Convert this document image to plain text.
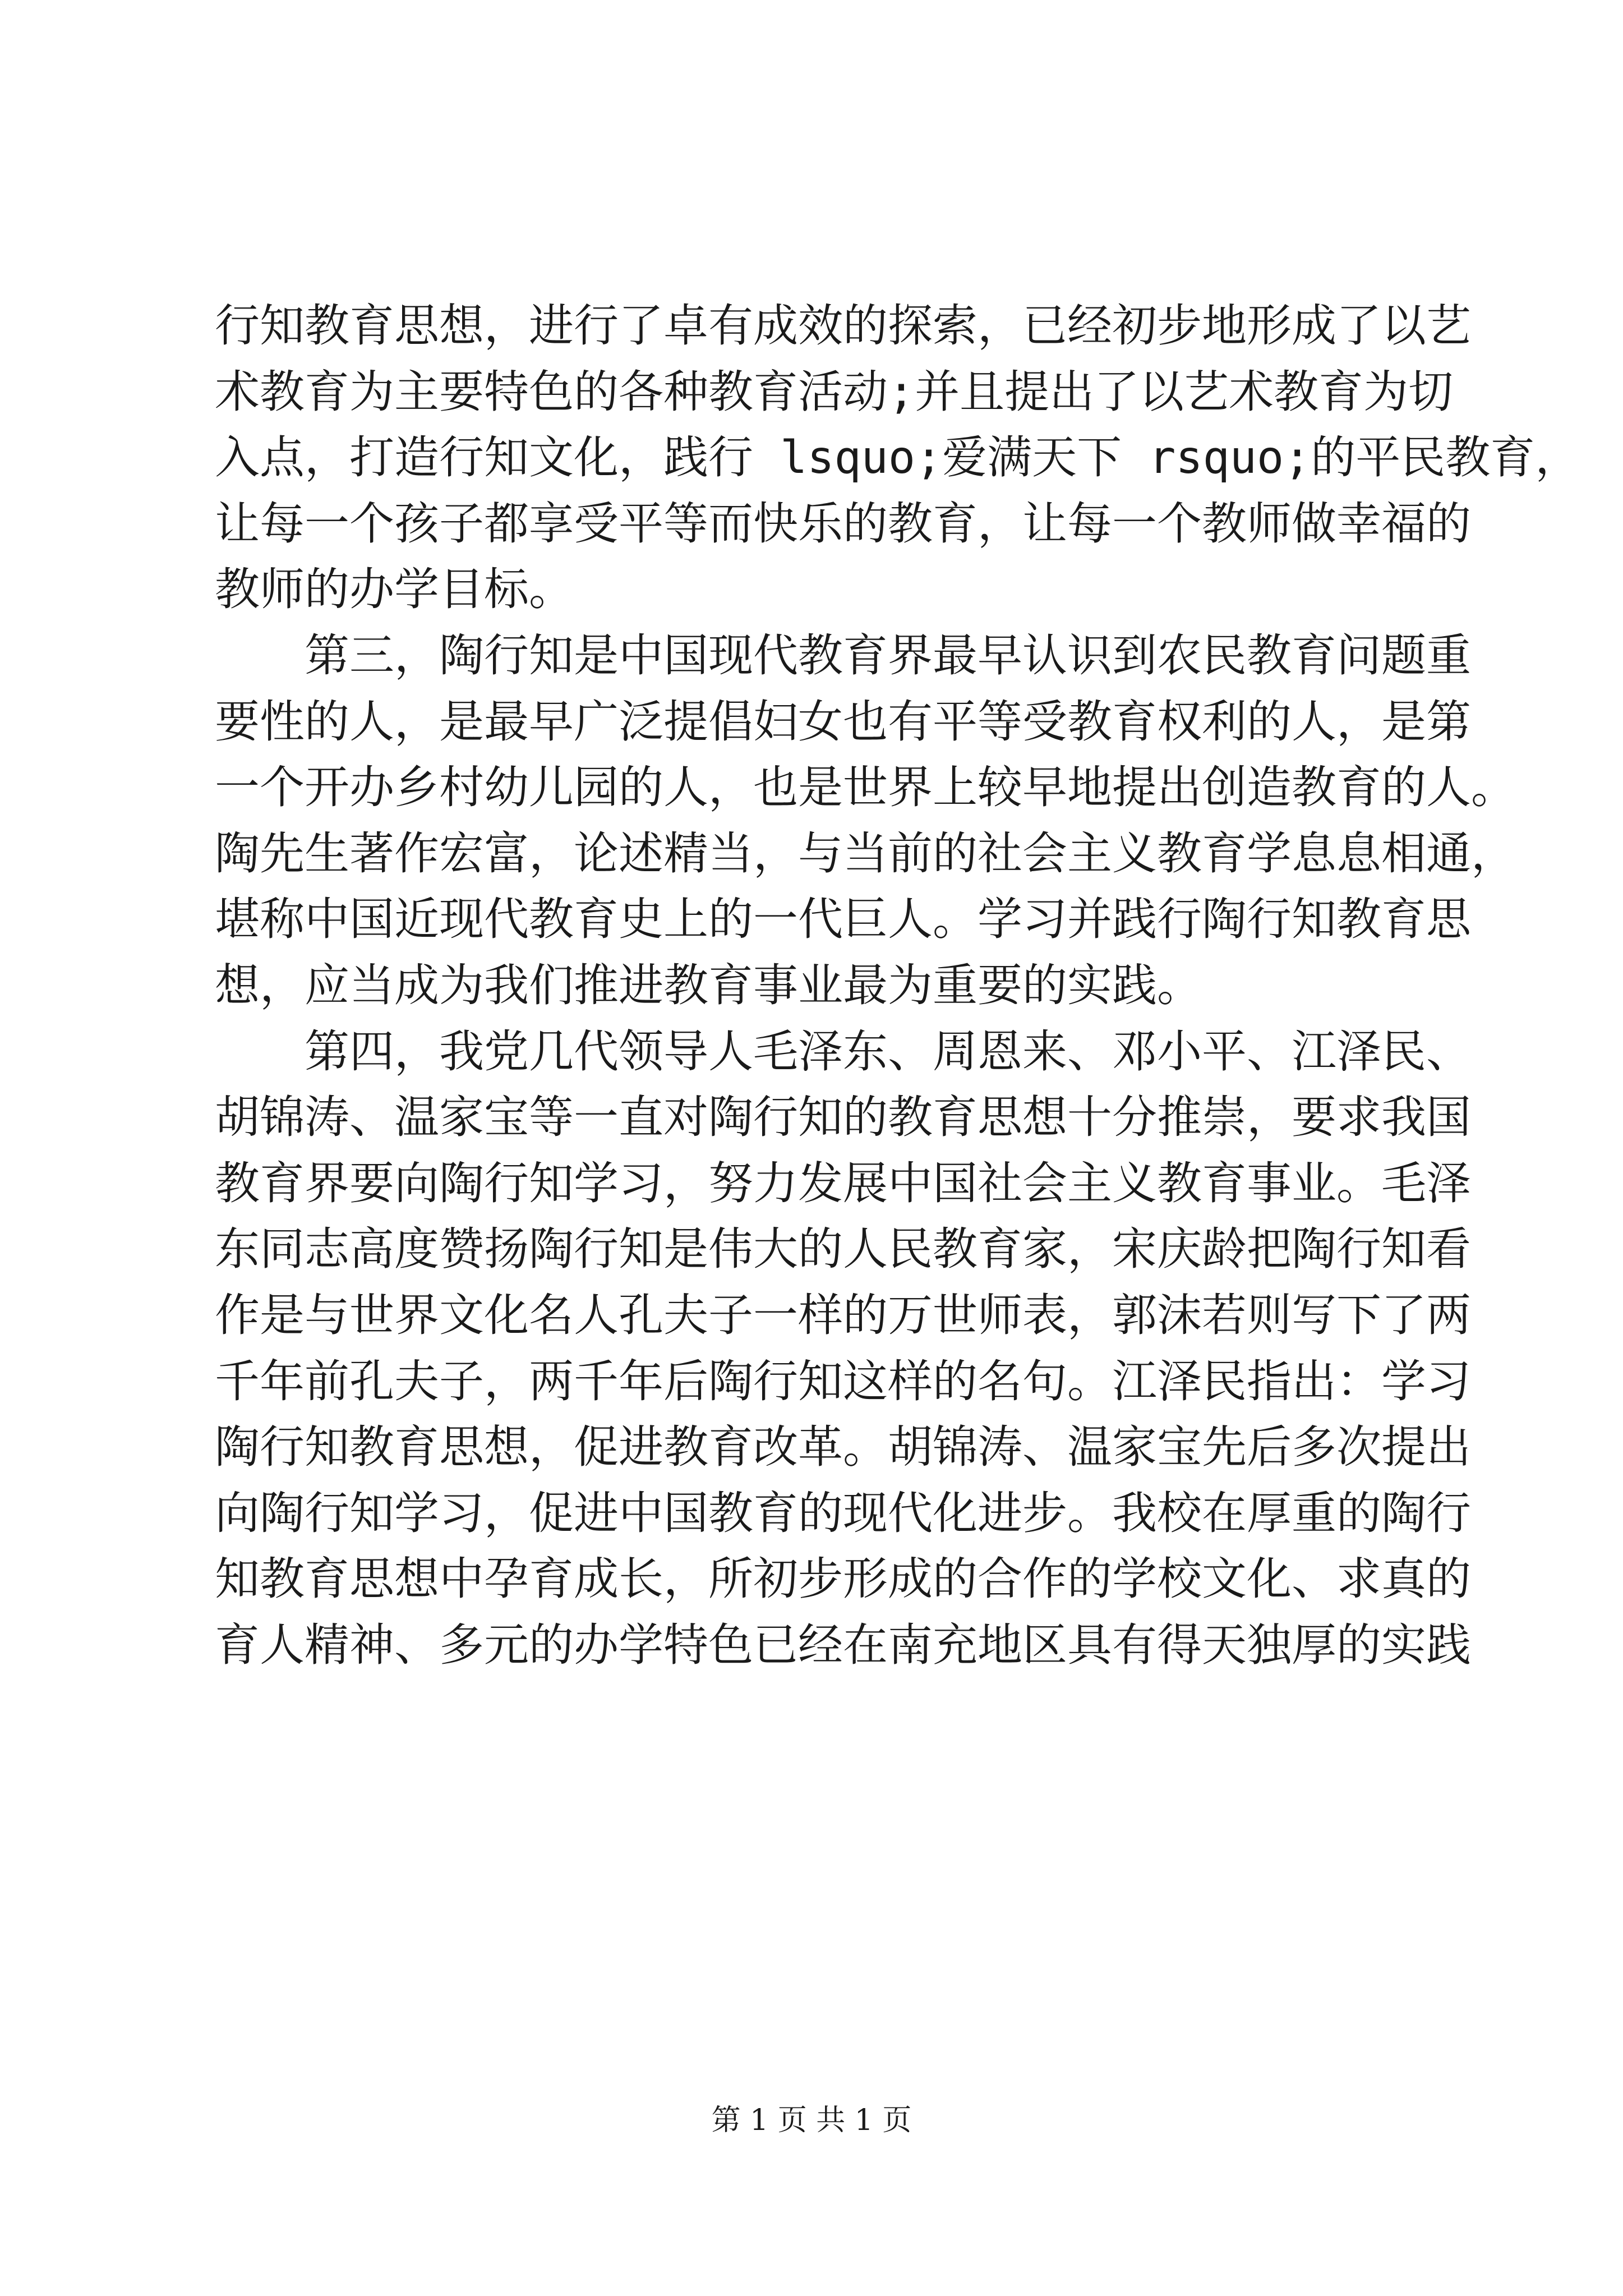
行知教育思想，进行了卓有成效的探索，已经初步地形成了以艺
术教育为主要特色的各种教育活动;并且提出了以艺术教育为切
入点，打造行知文化，践行 lsquo;爱满天下 rsquo;的平民教育，
让每一个孩子都享受平等而快乐的教育，让每一个教师做幸福的
教师的办学目标。
　　第三，陶行知是中国现代教育界最早认识到农民教育问题重
要性的人，是最早广泛提倡妇女也有平等受教育权利的人，是第
一个开办乡村幼儿园的人，也是世界上较早地提出创造教育的人。
陶先生著作宏富，论述精当，与当前的社会主义教育学息息相通，
堪称中国近现代教育史上的一代巨人。学习并践行陶行知教育思
想，应当成为我们推进教育事业最为重要的实践。
　　第四，我党几代领导人毛泽东、周恩来、邓小平、江泽民、
胡锦涛、温家宝等一直对陶行知的教育思想十分推崇，要求我国
教育界要向陶行知学习，努力发展中国社会主义教育事业。毛泽
东同志高度赞扬陶行知是伟大的人民教育家，宋庆龄把陶行知看
作是与世界文化名人孔夫子一样的万世师表，郭沫若则写下了两
千年前孔夫子，两千年后陶行知这样的名句。江泽民指出：学习
陶行知教育思想，促进教育改革。胡锦涛、温家宝先后多次提出
向陶行知学习，促进中国教育的现代化进步。我校在厚重的陶行
知教育思想中孕育成长，所初步形成的合作的学校文化、求真的
育人精神、多元的办学特色已经在南充地区具有得天独厚的实践
第 1 页 共 1 页
